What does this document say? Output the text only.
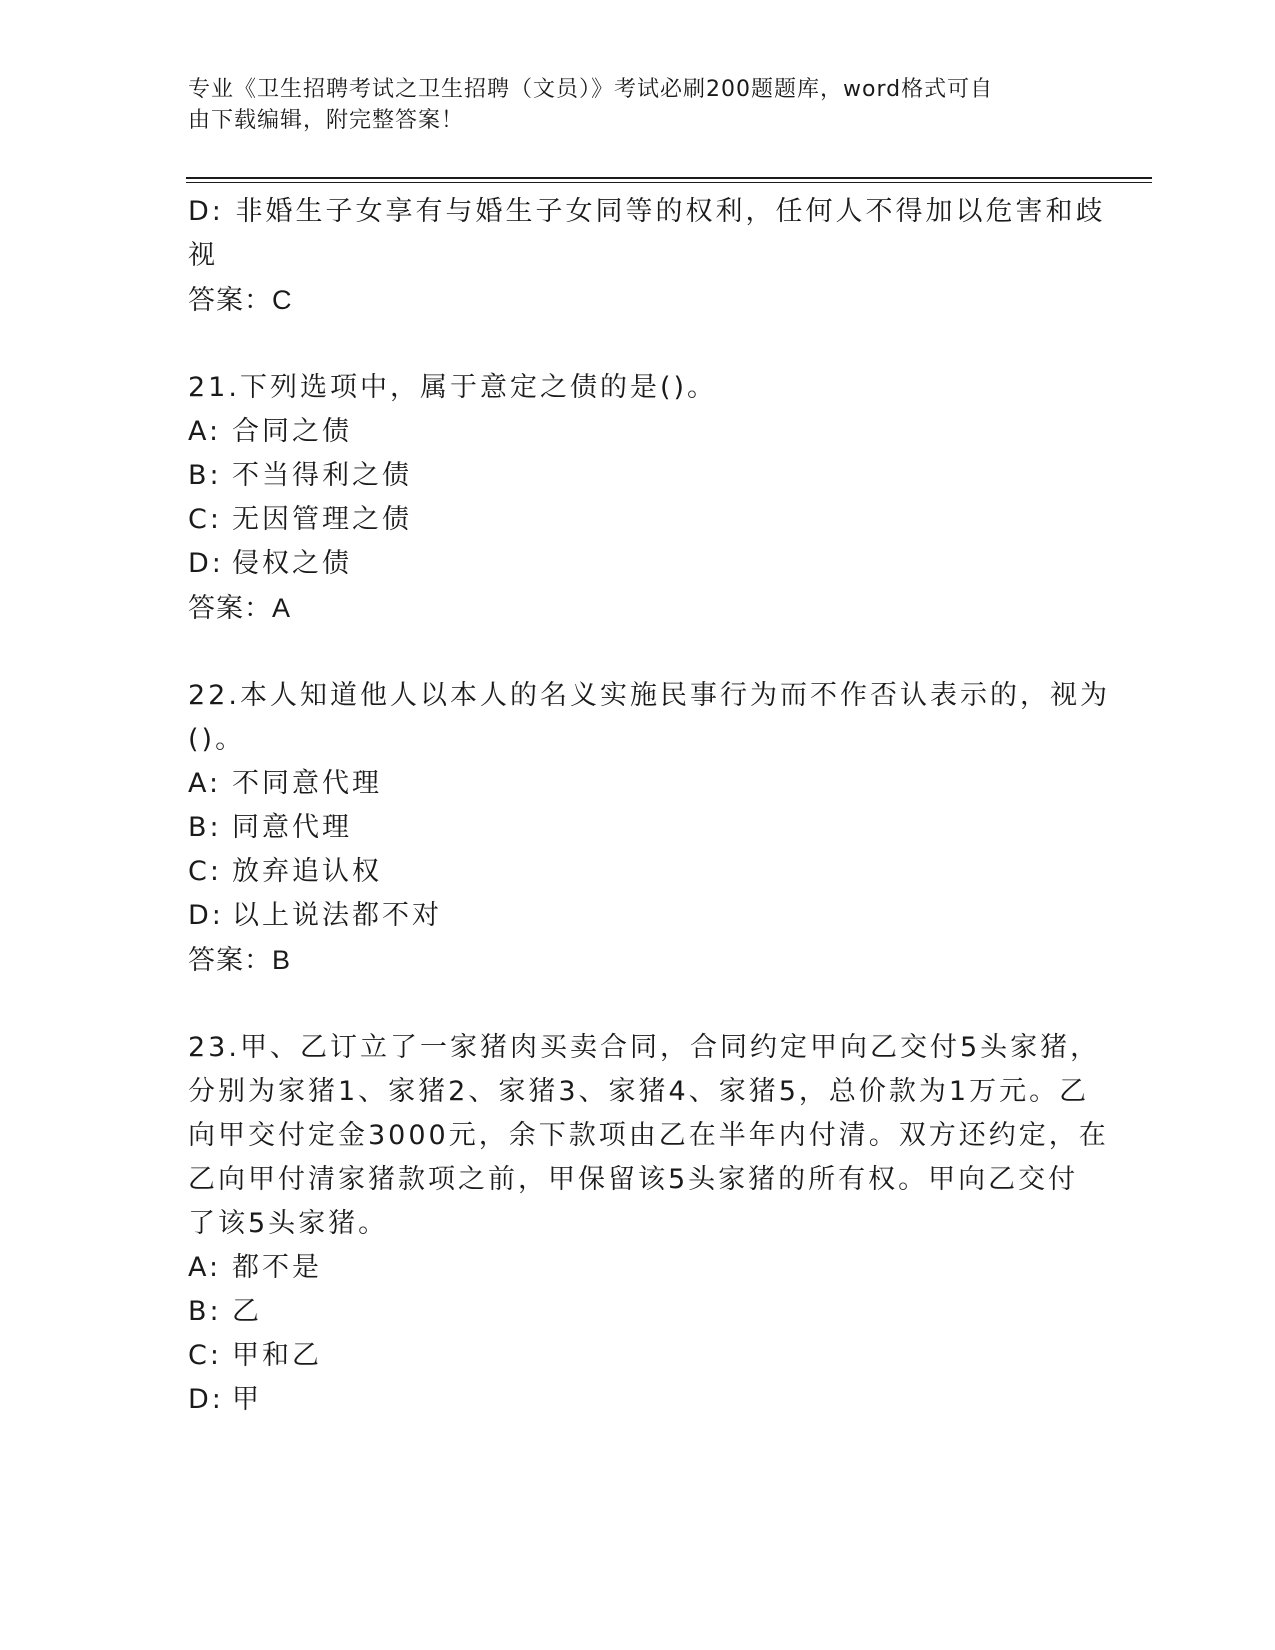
专业《卫生招聘考试之卫生招聘（文员）》考试必刷200题题库，word格式可自
由下载编辑，附完整答案！
D: 非婚生子女享有与婚生子女同等的权利，任何人不得加以危害和歧
视
答案：C
21.下列选项中，属于意定之债的是()。
A: 合同之债
B: 不当得利之债
C: 无因管理之债
D: 侵权之债
答案：A
22.本人知道他人以本人的名义实施民事行为而不作否认表示的，视为
()。
A: 不同意代理
B: 同意代理
C: 放弃追认权
D: 以上说法都不对
答案：B
23.甲、乙订立了一家猪肉买卖合同，合同约定甲向乙交付5头家猪，
分别为家猪1、家猪2、家猪3、家猪4、家猪5，总价款为1万元。乙
向甲交付定金3000元，余下款项由乙在半年内付清。双方还约定，在
乙向甲付清家猪款项之前，甲保留该5头家猪的所有权。甲向乙交付
了该5头家猪。
A: 都不是
B: 乙
C: 甲和乙
D: 甲
